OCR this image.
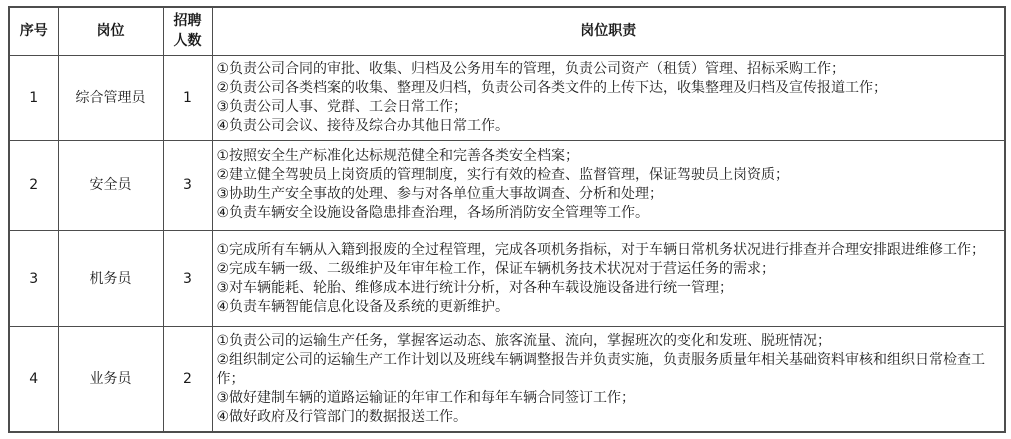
序号	岗位	招聘人数	岗位职责
1	综合管理员	1	①负责公司合同的审批、收集、归档及公务用车的管理，负责公司资产（租赁）管理、招标采购工作；
②负责公司各类档案的收集、整理及归档，负责公司各类文件的上传下达，收集整理及归档及宣传报道工作；
③负责公司人事、党群、工会日常工作；
④负责公司会议、接待及综合办其他日常工作。

2	安全员	3	①按照安全生产标准化达标规范健全和完善各类安全档案；
②建立健全驾驶员上岗资质的管理制度，实行有效的检查、监督管理，保证驾驶员上岗资质；
③协助生产安全事故的处理、参与对各单位重大事故调查、分析和处理；
④负责车辆安全设施设备隐患排查治理，各场所消防安全管理等工作。

3	机务员	3	①完成所有车辆从入籍到报废的全过程管理，完成各项机务指标，对于车辆日常机务状况进行排查并合理安排跟进维修工作；
②完成车辆一级、二级维护及年审年检工作，保证车辆机务技术状况对于营运任务的需求；
③对车辆能耗、轮胎、维修成本进行统计分析，对各种车载设施设备进行统一管理；
④负责车辆智能信息化设备及系统的更新维护。

4	业务员	2	①负责公司的运输生产任务，掌握客运动态、旅客流量、流向，掌握班次的变化和发班、脱班情况；
②组织制定公司的运输生产工作计划以及班线车辆调整报告并负责实施，负责服务质量年相关基础资料审核和组织日常检查工作；
③做好建制车辆的道路运输证的年审工作和每年车辆合同签订工作；
④做好政府及行管部门的数据报送工作。
